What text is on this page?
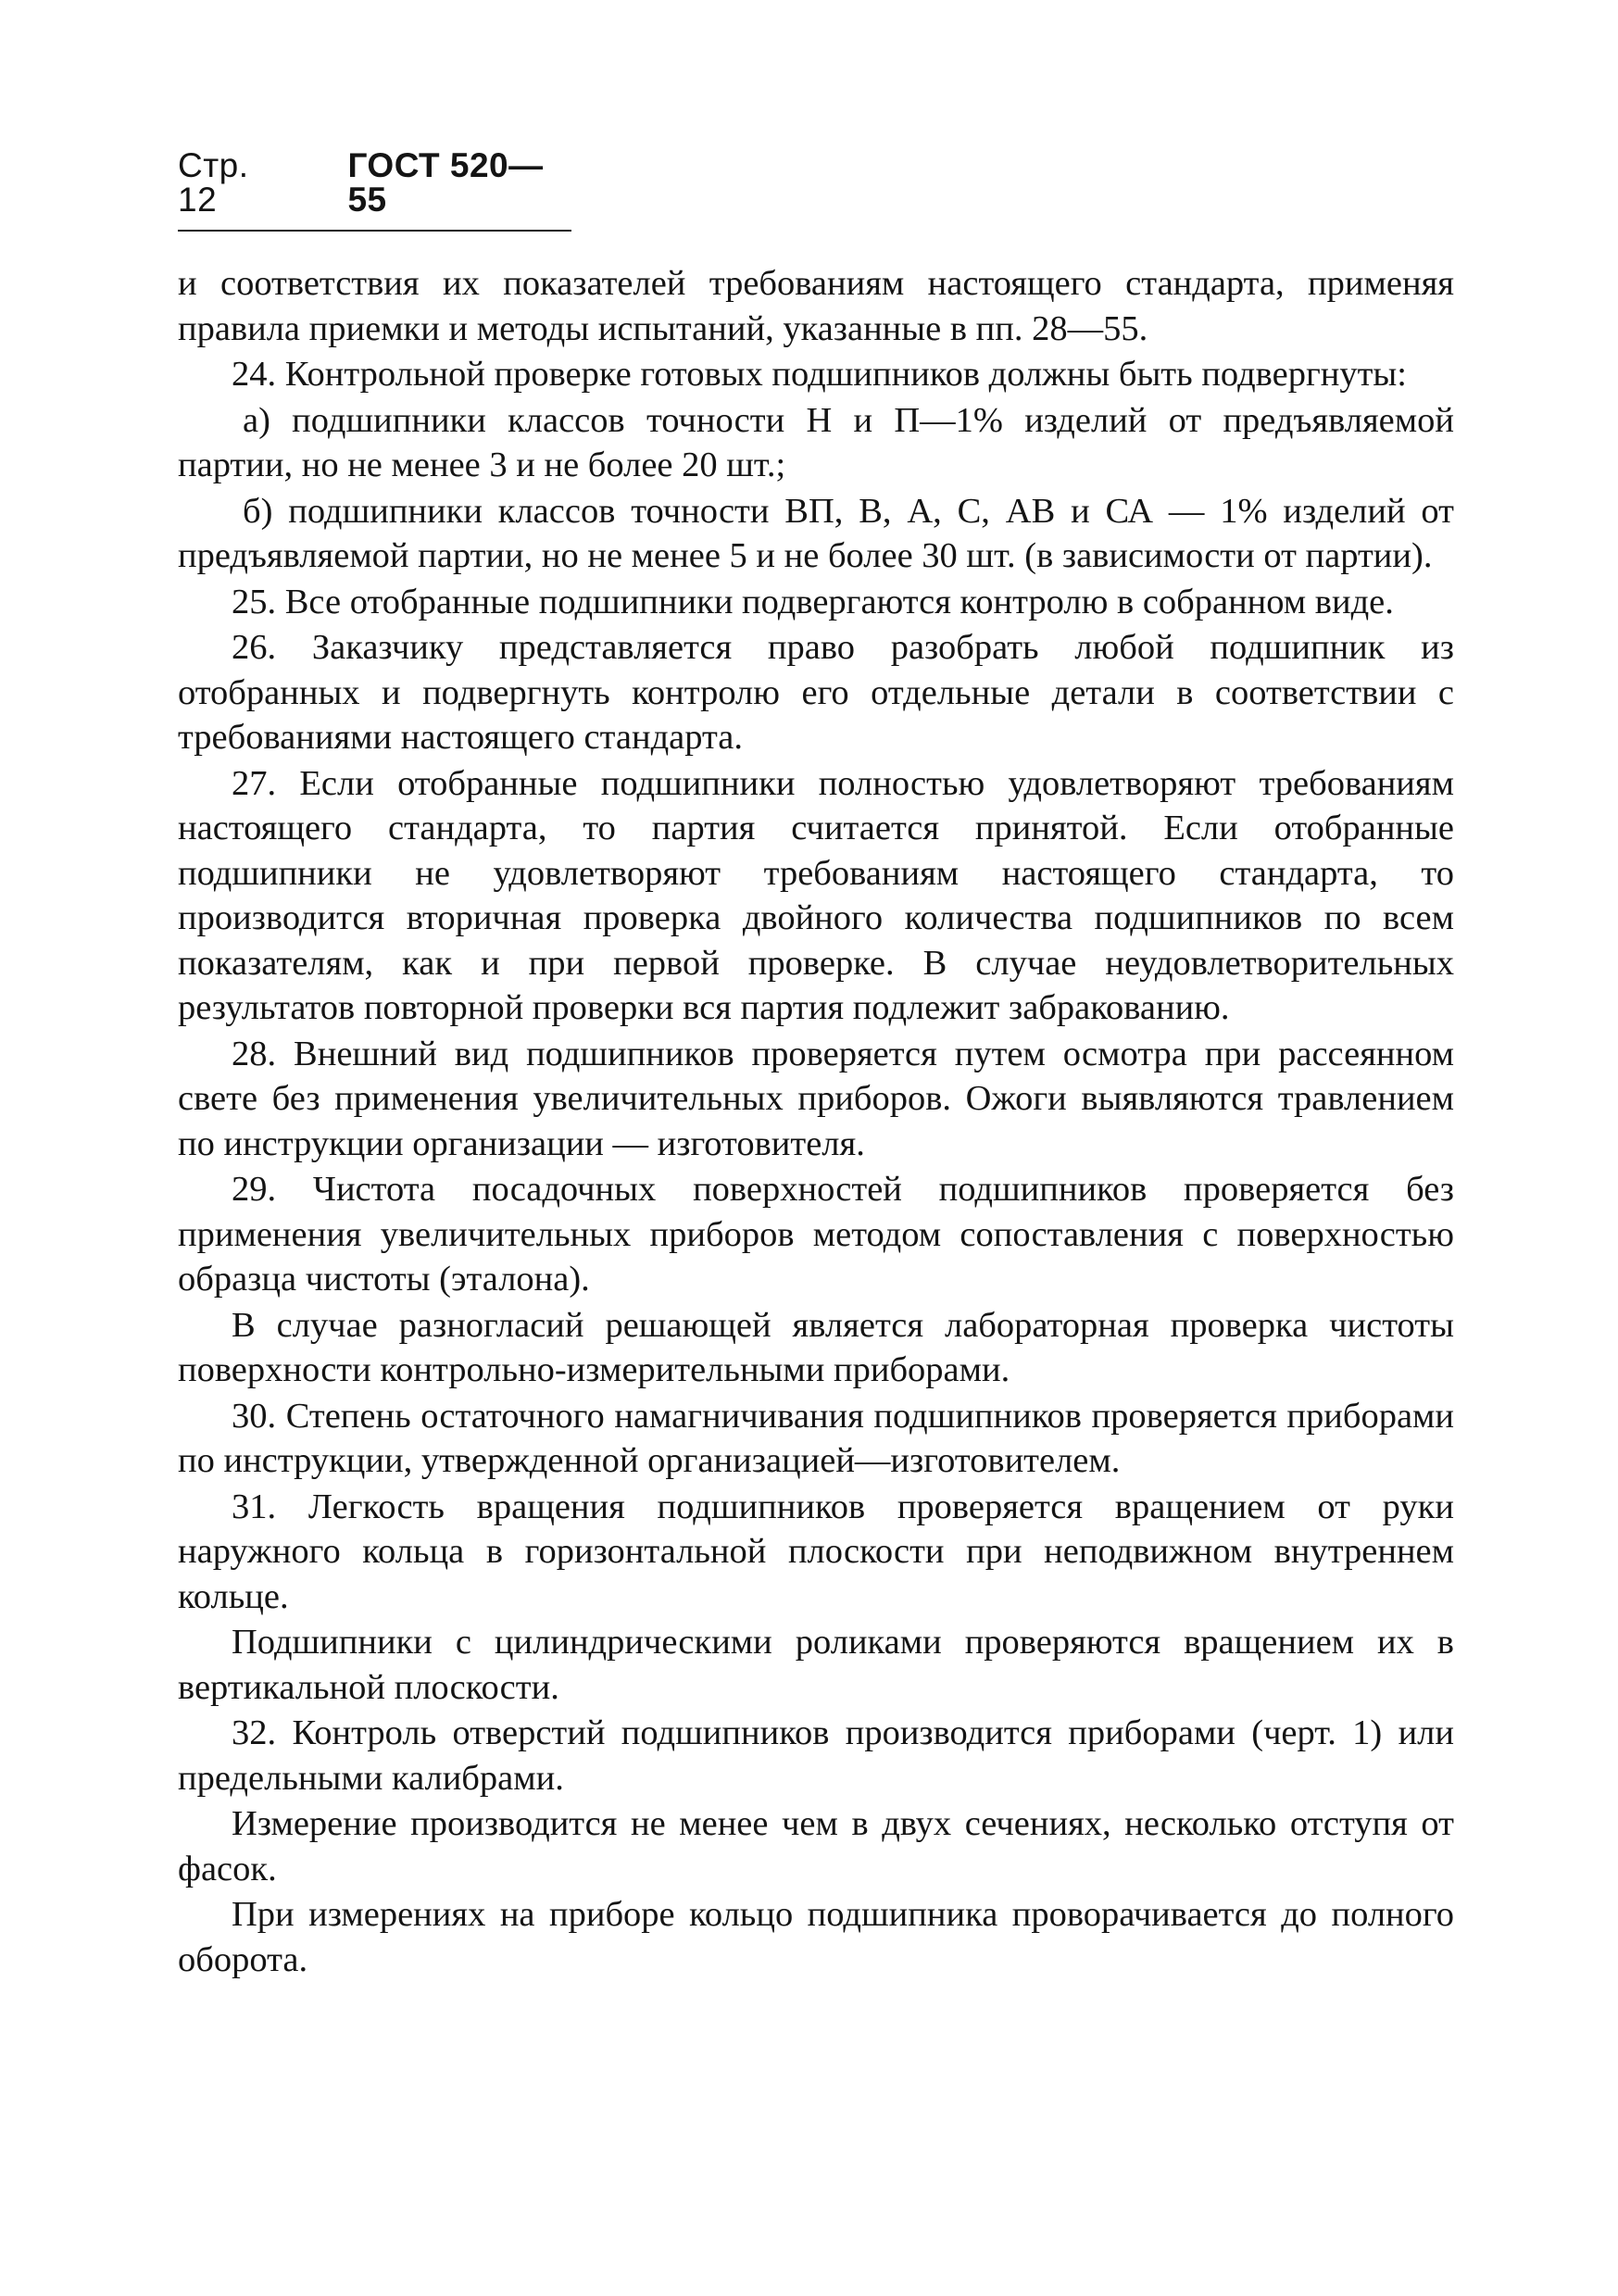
Стр. 12
ГОСТ 520—55

и соответствия их показателей требованиям настоящего стандарта, применяя правила приемки и методы испытаний, указанные в пп. 28—55.

24. Контрольной проверке готовых подшипников должны быть подвергнуты:

а) подшипники классов точности Н и П—1% изделий от предъявляемой партии, но не менее 3 и не более 20 шт.;

б) подшипники классов точности ВП, В, А, С, АВ и СА — 1% изделий от предъявляемой партии, но не менее 5 и не более 30 шт. (в зависимости от партии).

25. Все отобранные подшипники подвергаются контролю в собранном виде.

26. Заказчику представляется право разобрать любой подшипник из отобранных и подвергнуть контролю его отдельные детали в соответствии с требованиями настоящего стандарта.

27. Если отобранные подшипники полностью удовлетворяют требованиям настоящего стандарта, то партия считается принятой. Если отобранные подшипники не удовлетворяют требованиям настоящего стандарта, то производится вторичная проверка двойного количества подшипников по всем показателям, как и при первой проверке. В случае неудовлетворительных результатов повторной проверки вся партия подлежит забракованию.

28. Внешний вид подшипников проверяется путем осмотра при рассеянном свете без применения увеличительных приборов. Ожоги выявляются травлением по инструкции организации — изготовителя.

29. Чистота посадочных поверхностей подшипников проверяется без применения увеличительных приборов методом сопоставления с поверхностью образца чистоты (эталона).

В случае разногласий решающей является лабораторная проверка чистоты поверхности контрольно-измерительными приборами.

30. Степень остаточного намагничивания подшипников проверяется приборами по инструкции, утвержденной организацией—изготовителем.

31. Легкость вращения подшипников проверяется вращением от руки наружного кольца в горизонтальной плоскости при неподвижном внутреннем кольце.

Подшипники с цилиндрическими роликами проверяются вращением их в вертикальной плоскости.

32. Контроль отверстий подшипников производится приборами (черт. 1) или предельными калибрами.

Измерение производится не менее чем в двух сечениях, несколько отступя от фасок.

При измерениях на приборе кольцо подшипника проворачивается до полного оборота.
